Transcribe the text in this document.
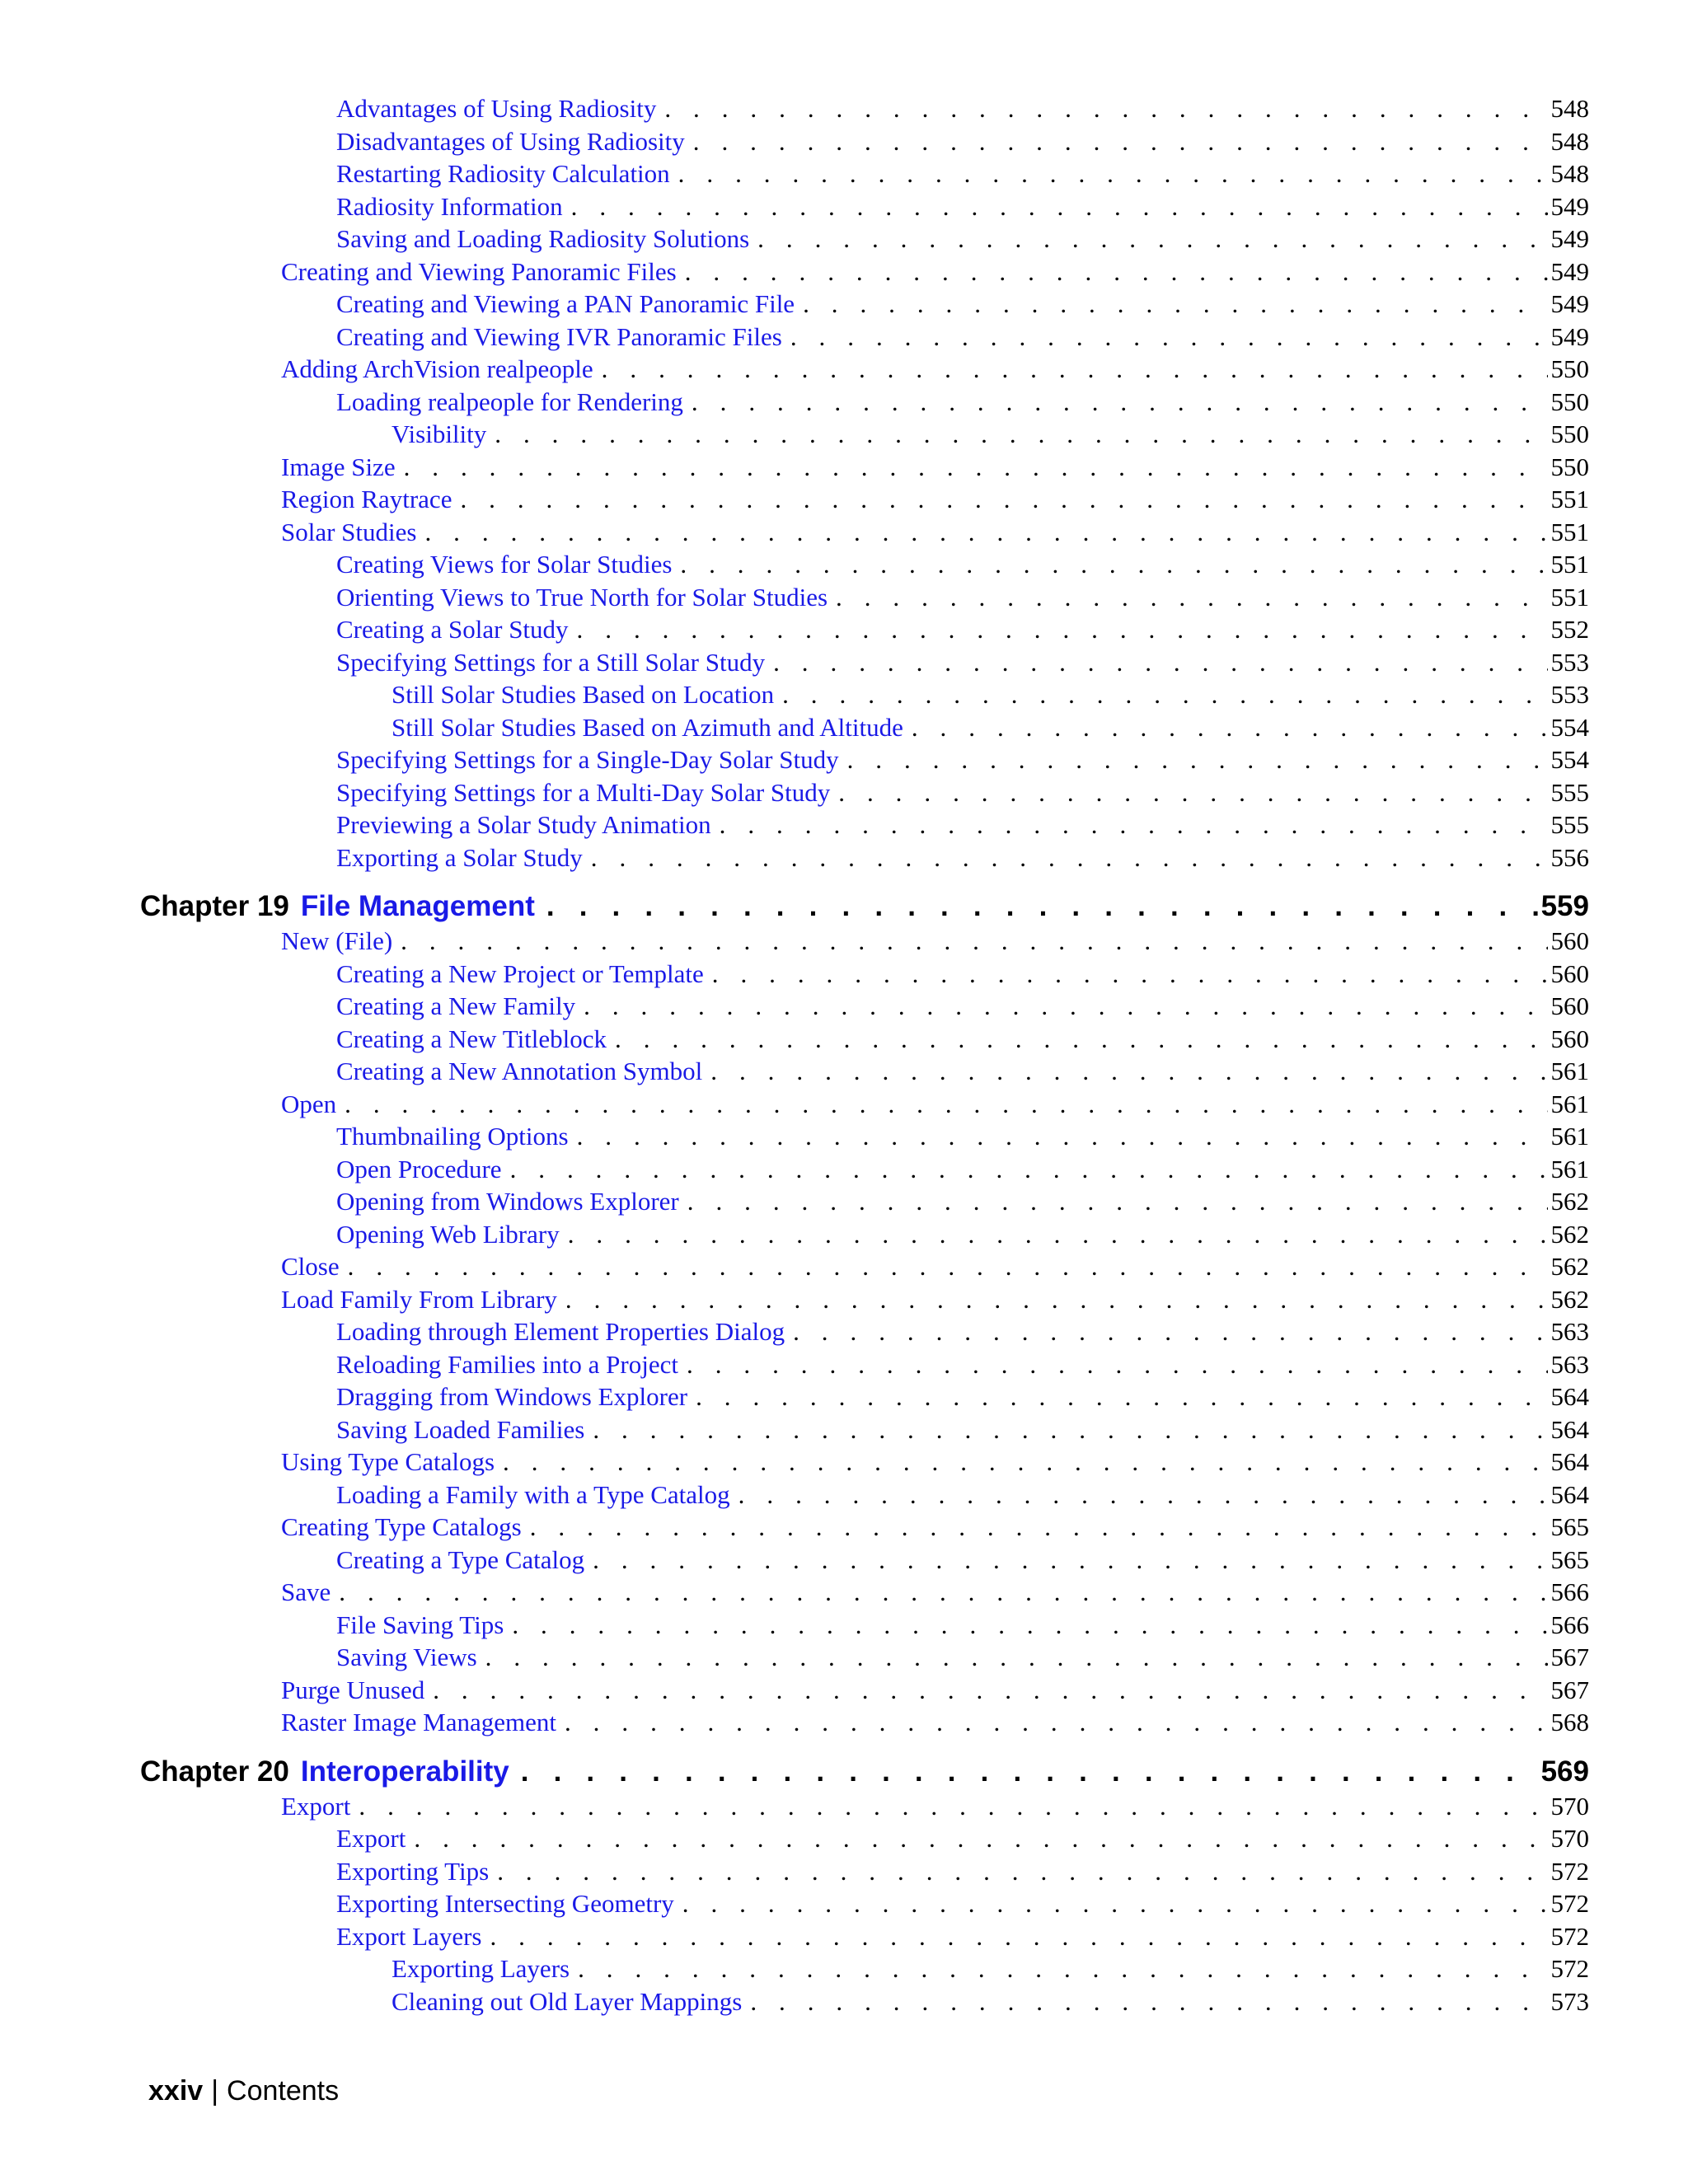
Advantages of Using Radiosity . . .	548
Disadvantages of Using Radiosity . . .	548
Restarting Radiosity Calculation . . .	548
Radiosity Information . . .	549
Saving and Loading Radiosity Solutions . . .	549
Creating and Viewing Panoramic Files . . .	549
Creating and Viewing a PAN Panoramic File . . .	549
Creating and Viewing IVR Panoramic Files . . .	549
Adding ArchVision realpeople . . .	550
Loading realpeople for Rendering . . .	550
Visibility . . .	550
Image Size . . .	550
Region Raytrace . . .	551
Solar Studies . . .	551
Creating Views for Solar Studies . . .	551
Orienting Views to True North for Solar Studies . . .	551
Creating a Solar Study . . .	552
Specifying Settings for a Still Solar Study . . .	553
Still Solar Studies Based on Location . . .	553
Still Solar Studies Based on Azimuth and Altitude . . .	554
Specifying Settings for a Single-Day Solar Study . . .	554
Specifying Settings for a Multi-Day Solar Study . . .	555
Previewing a Solar Study Animation . . .	555
Exporting a Solar Study . . .	556
Chapter 19 File Management . . .	559
New (File) . . .	560
Creating a New Project or Template . . .	560
Creating a New Family . . .	560
Creating a New Titleblock . . .	560
Creating a New Annotation Symbol . . .	561
Open . . .	561
Thumbnailing Options . . .	561
Open Procedure . . .	561
Opening from Windows Explorer . . .	562
Opening Web Library . . .	562
Close . . .	562
Load Family From Library . . .	562
Loading through Element Properties Dialog . . .	563
Reloading Families into a Project . . .	563
Dragging from Windows Explorer . . .	564
Saving Loaded Families . . .	564
Using Type Catalogs . . .	564
Loading a Family with a Type Catalog . . .	564
Creating Type Catalogs . . .	565
Creating a Type Catalog . . .	565
Save . . .	566
File Saving Tips . . .	566
Saving Views . . .	567
Purge Unused . . .	567
Raster Image Management . . .	568
Chapter 20 Interoperability . . .	569
Export . . .	570
Export . . .	570
Exporting Tips . . .	572
Exporting Intersecting Geometry . . .	572
Export Layers . . .	572
Exporting Layers . . .	572
Cleaning out Old Layer Mappings . . .	573
xxiv | Contents
